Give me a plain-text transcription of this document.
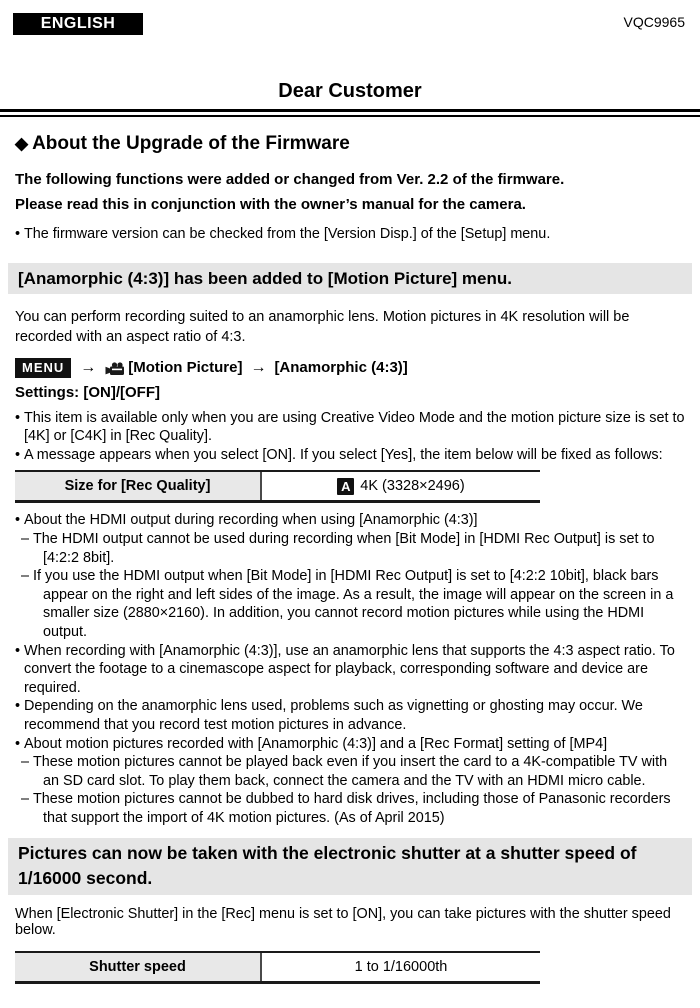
ENGLISH	VQC9965
Dear Customer
◆ About the Upgrade of the Firmware
The following functions were added or changed from Ver. 2.2 of the firmware.
Please read this in conjunction with the owner’s manual for the camera.
• The firmware version can be checked from the [Version Disp.] of the [Setup] menu.
[Anamorphic (4:3)] has been added to [Motion Picture] menu.

You can perform recording suited to an anamorphic lens. Motion pictures in 4K resolution will be recorded with an aspect ratio of 4:3.

MENU	→ [Motion Picture] → [Anamorphic (4:3)]
Settings: [ON]/[OFF]
• This item is available only when you are using Creative Video Mode and the motion picture size is set to [4K] or [C4K] in [Rec Quality].
• A message appears when you select [ON]. If you select [Yes], the item below will be fixed as follows:
Size for [Rec Quality]	A 4K (3328×2496)
• About the HDMI output during recording when using [Anamorphic (4:3)]
– The HDMI output cannot be used during recording when [Bit Mode] in [HDMI Rec Output] is set to [4:2:2 8bit].
– If you use the HDMI output when [Bit Mode] in [HDMI Rec Output] is set to [4:2:2 10bit], black bars appear on the right and left sides of the image. As a result, the image will appear on the screen in a smaller size (2880×2160). In addition, you cannot record motion pictures while using the HDMI output.
• When recording with [Anamorphic (4:3)], use an anamorphic lens that supports the 4:3 aspect ratio. To convert the footage to a cinemascope aspect for playback, corresponding software and device are required.
• Depending on the anamorphic lens used, problems such as vignetting or ghosting may occur. We recommend that you record test motion pictures in advance.
• About motion pictures recorded with [Anamorphic (4:3)] and a [Rec Format] setting of [MP4]
– These motion pictures cannot be played back even if you insert the card to a 4K-compatible TV with an SD card slot. To play them back, connect the camera and the TV with an HDMI micro cable.
– These motion pictures cannot be dubbed to hard disk drives, including those of Panasonic recorders that support the import of 4K motion pictures. (As of April 2015)
Pictures can now be taken with the electronic shutter at a shutter speed of 1/16000 second.

When [Electronic Shutter] in the [Rec] menu is set to [ON], you can take pictures with the shutter speed below.

Shutter speed	1 to 1/16000th
